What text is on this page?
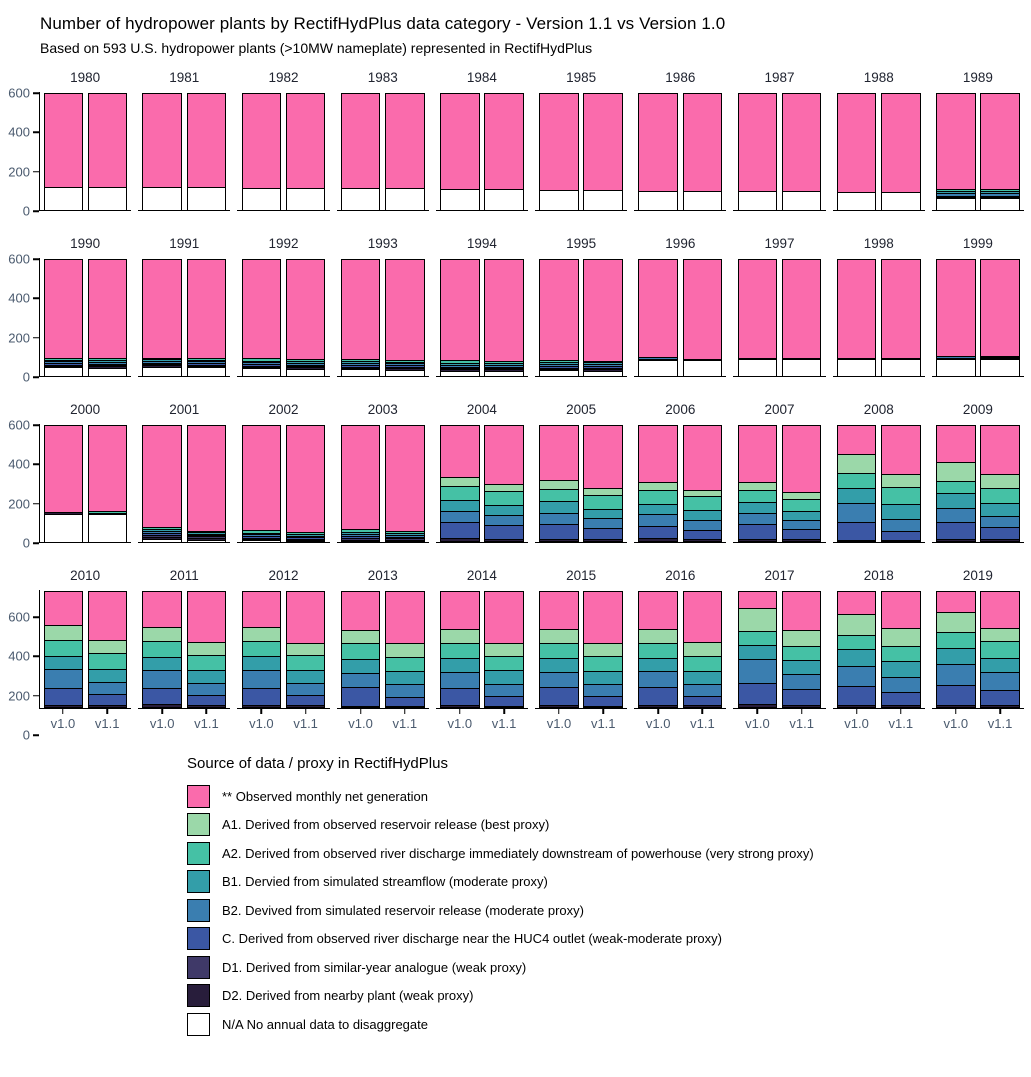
Number of hydropower plants by RectifHydPlus data category - Version 1.1 vs Version 1.0
Based on 593 U.S. hydropower plants (>10MW nameplate) represented in RectifHydPlus
600
400
200
0
1980	1981	1982	1983	1984	1985	1986	1987	1988	1989
600
400
200
0
1990	1991	1992	1993	1994	1995	1996	1997	1998	1999
600
400
200
0
2000	2001	2002	2003	2004	2005	2006	2007	2008	2009
600
400
200
0
2010
v1.0 v1.1
2011
v1.0 v1.1
2012
v1.0 v1.1
2013
v1.0 v1.1
2014
v1.0 v1.1
2015
v1.0 v1.1
2016
v1.0 v1.1
2017
v1.0 v1.1
2018
v1.0 v1.1
2019
v1.0 v1.1
Source of data / proxy in RectifHydPlus
** Observed monthly net generation
A1. Derived from observed reservoir release (best proxy)
A2. Derived from observed river discharge immediately downstream of powerhouse (very strong proxy)
B1. Dervied from simulated streamflow (moderate proxy)
B2. Devived from simulated reservoir release (moderate proxy)
C. Derived from observed river discharge near the HUC4 outlet (weak-moderate proxy)
D1. Derived from similar-year analogue (weak proxy)
D2. Derived from nearby plant (weak proxy)
N/A No annual data to disaggregate
